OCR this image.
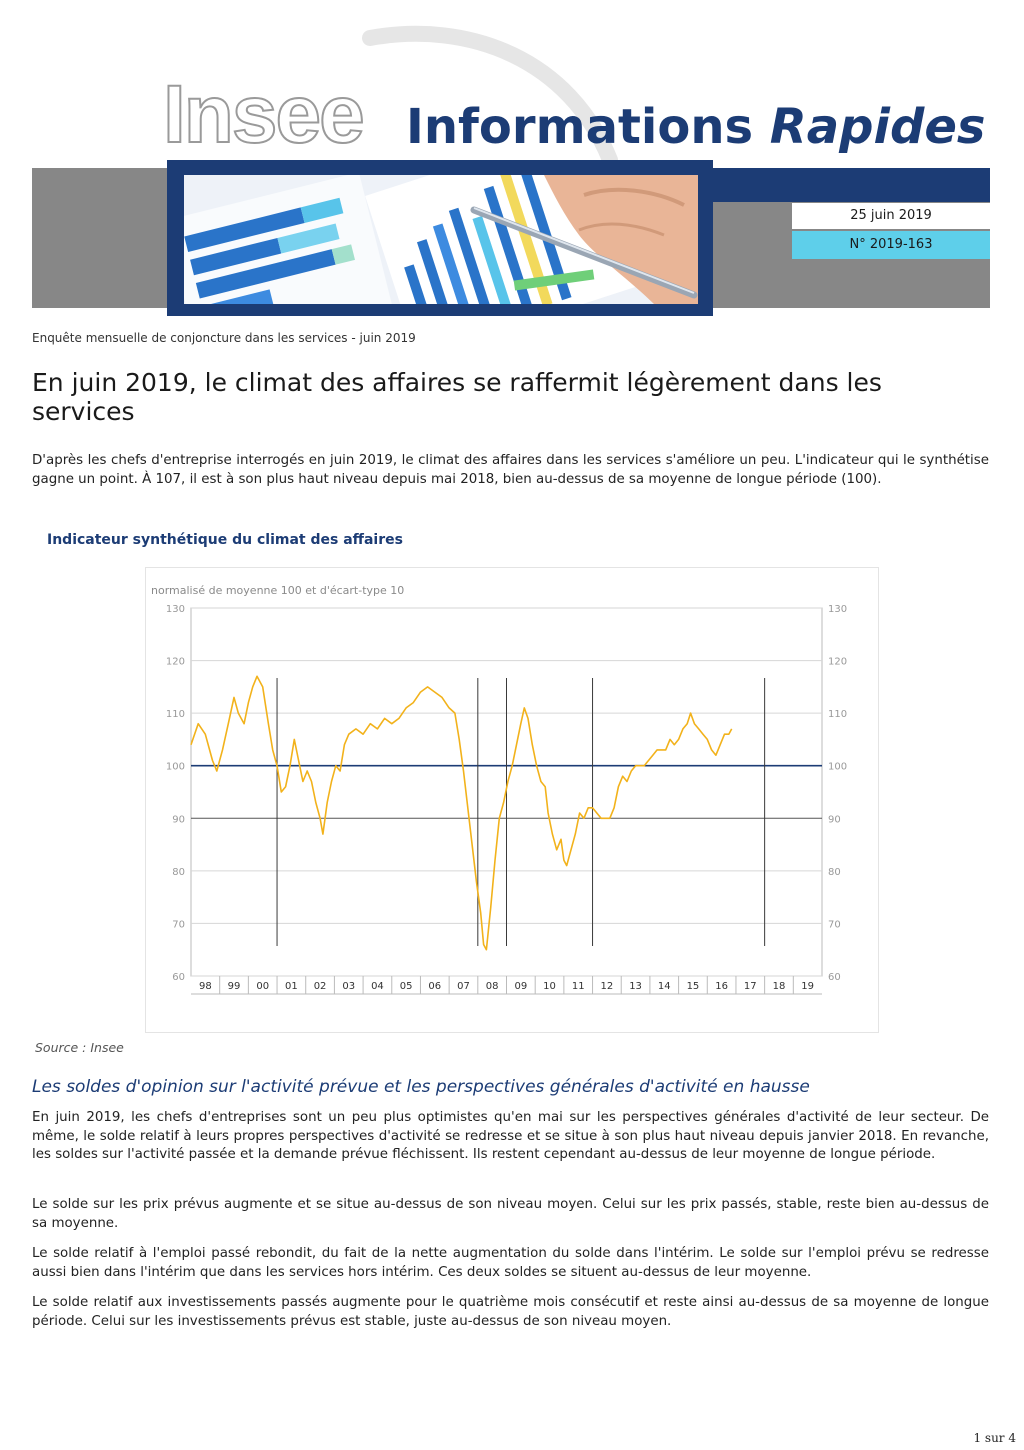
Insee Informations Rapides
25 juin 2019
N° 2019-163
Enquête mensuelle de conjoncture dans les services - juin 2019
En juin 2019, le climat des affaires se raffermit légèrement dans les services
D'après les chefs d'entreprise interrogés en juin 2019, le climat des affaires dans les services s'améliore un peu. L'indicateur qui le synthétise gagne un point. À 107, il est à son plus haut niveau depuis mai 2018, bien au-dessus de sa moyenne de longue période (100).
Indicateur synthétique du climat des affaires
normalisé de moyenne 100 et d'écart-type 10
130	130
120	120
110	110
100	100
90	90
80	80
70	70
60	60
98 99 00 01 02 03 04 05 06 07 08 09 10 11 12 13 14 15 16 17 18 19
Source : Insee
Les soldes d'opinion sur l'activité prévue et les perspectives générales d'activité en hausse

En juin 2019, les chefs d'entreprises sont un peu plus optimistes qu'en mai sur les perspectives générales d'activité de leur secteur. De même, le solde relatif à leurs propres perspectives d'activité se redresse et se situe à son plus haut niveau depuis janvier 2018. En revanche, les soldes sur l'activité passée et la demande prévue fléchissent. Ils restent cependant au-dessus de leur moyenne de longue période.

Le solde sur les prix prévus augmente et se situe au-dessus de son niveau moyen. Celui sur les prix passés, stable, reste bien au-dessus de sa moyenne.

Le solde relatif à l'emploi passé rebondit, du fait de la nette augmentation du solde dans l'intérim. Le solde sur l'emploi prévu se redresse aussi bien dans l'intérim que dans les services hors intérim. Ces deux soldes se situent au-dessus de leur moyenne.

Le solde relatif aux investissements passés augmente pour le quatrième mois consécutif et reste ainsi au-dessus de sa moyenne de longue période. Celui sur les investissements prévus est stable, juste au-dessus de son niveau moyen.

1 sur 4
